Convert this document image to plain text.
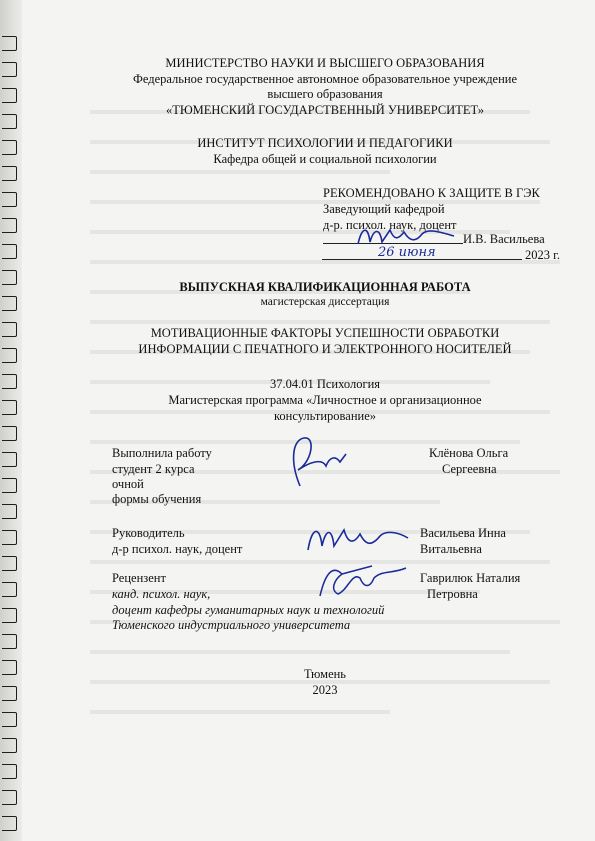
МИНИСТЕРСТВО НАУКИ И ВЫСШЕГО ОБРАЗОВАНИЯ
Федеральное государственное автономное образовательное учреждение
высшего образования
«ТЮМЕНСКИЙ ГОСУДАРСТВЕННЫЙ УНИВЕРСИТЕТ»
ИНСТИТУТ ПСИХОЛОГИИ И ПЕДАГОГИКИ
Кафедра общей и социальной психологии
РЕКОМЕНДОВАНО К ЗАЩИТЕ В ГЭК
Заведующий кафедрой
д-р. психол. наук, доцент
И.В. Васильева
26 июня	2023 г.
ВЫПУСКНАЯ КВАЛИФИКАЦИОННАЯ РАБОТА
магистерская диссертация
МОТИВАЦИОННЫЕ ФАКТОРЫ УСПЕШНОСТИ ОБРАБОТКИ
ИНФОРМАЦИИ С ПЕЧАТНОГО И ЭЛЕКТРОННОГО НОСИТЕЛЕЙ
37.04.01 Психология
Магистерская программа «Личностное и организационное
консультирование»
Выполнила работу
студент 2 курса
очной
формы обучения
Клёнова Ольга
Сергеевна
Руководитель
д-р психол. наук, доцент
Васильева Инна
Витальевна
Рецензент
канд. психол. наук,
доцент кафедры гуманитарных наук и технологий
Тюменского индустриального университета
Гаврилюк Наталия
Петровна
Тюмень
2023
